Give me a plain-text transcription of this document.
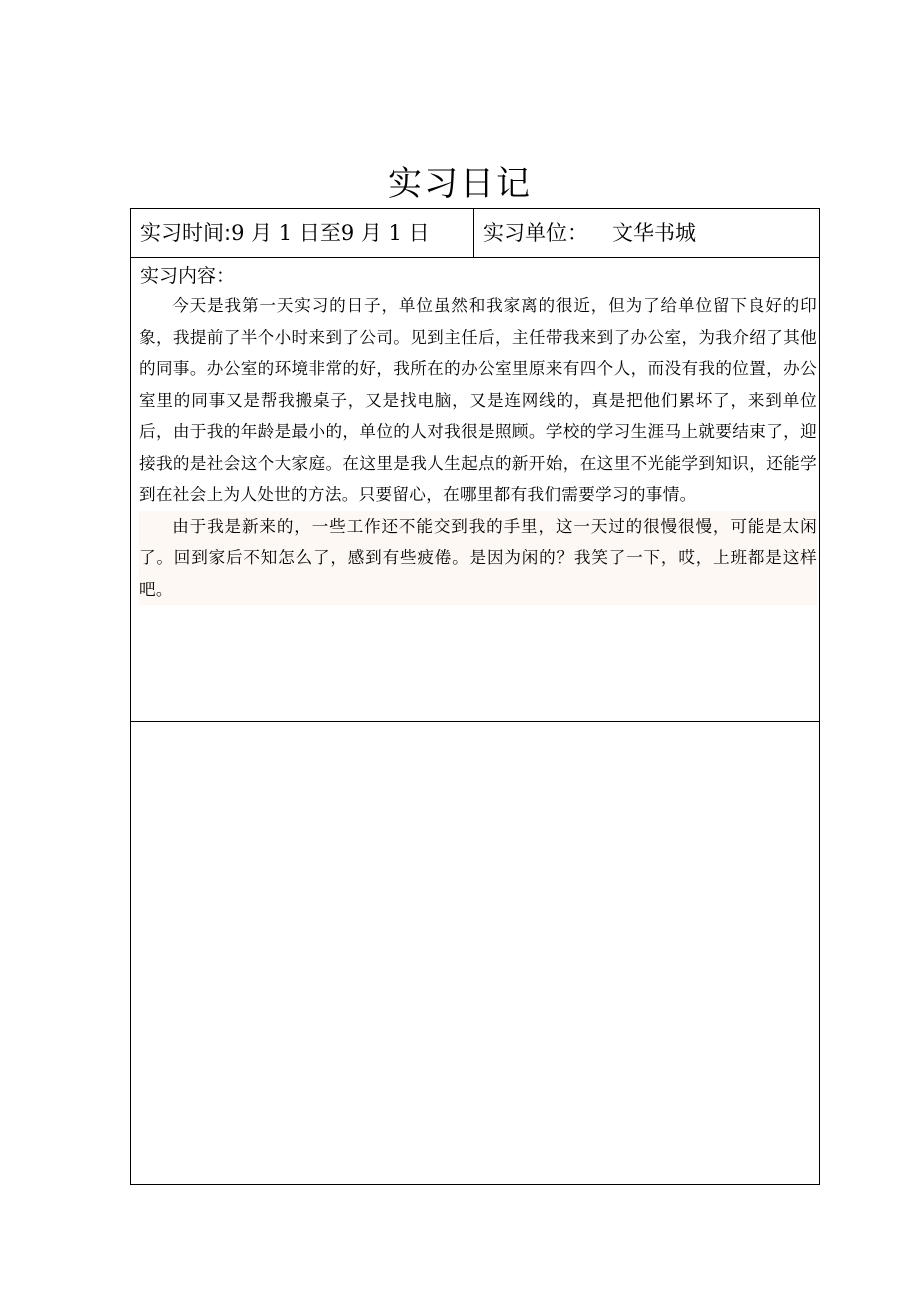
实习日记
实习时间:9 月 1 日至9 月 1 日	实习单位： 文华书城
实习内容：

今天是我第一天实习的日子，单位虽然和我家离的很近，但为了给单位留下良好的印象，我提前了半个小时来到了公司。见到主任后，主任带我来到了办公室，为我介绍了其他的同事。办公室的环境非常的好，我所在的办公室里原来有四个人，而没有我的位置，办公室里的同事又是帮我搬桌子，又是找电脑，又是连网线的，真是把他们累坏了，来到单位后，由于我的年龄是最小的，单位的人对我很是照顾。学校的学习生涯马上就要结束了，迎接我的是社会这个大家庭。在这里是我人生起点的新开始，在这里不光能学到知识，还能学到在社会上为人处世的方法。只要留心，在哪里都有我们需要学习的事情。

由于我是新来的，一些工作还不能交到我的手里，这一天过的很慢很慢，可能是太闲了。回到家后不知怎么了，感到有些疲倦。是因为闲的？我笑了一下，哎，上班都是这样吧。
